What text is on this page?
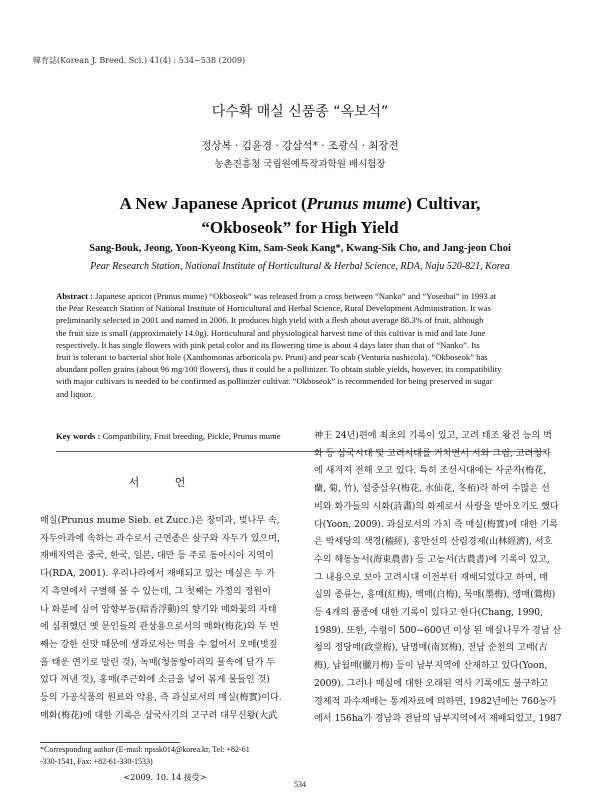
韓育誌(Korean J. Breed. Sci.) 41(4) : 534~538 (2009)
다수확 매실 신품종 “옥보석”
정상복 · 김윤경 · 강삼석* · 조광식 · 최장전
농촌진흥청 국립원예특작과학원 배시험장
A New Japanese Apricot (Prunus mume) Cultivar,
“Okboseok” for High Yield
Sang-Bouk, Jeong, Yoon-Kyeong Kim, Sam-Seok Kang*, Kwang-Sik Cho, and Jang-jeon Choi
Pear Research Station, National Institute of Horticultural & Herbal Science, RDA, Naju 520-821, Korea
Abstract : Japanese apricot (Prunus mume) “Okboseok” was released from a cross between “Nanko” and “Yoseibai” in 1993 at
the Pear Research Station of National Institute of Horticultural and Herbal Science, Rural Development Administration. It was
preliminarily selected in 2001 and named in 2006. It produces high yield with a flesh about average 88.3% of fruit, although
the fruit size is small (approximately 14.0g). Horticultural and physiological harvest time of this cultivar is mid and late June
respectively. It has single flowers with pink petal color and its flowering time is about 4 days later than that of “Nanko”. Its
fruit is tolerant to bacterial shot hole (Xanthomonas arboricola pv. Pruni) and pear scab (Venturia nashicola). “Okboseok” has
abundant pollen grains (about 96 mg/100 flowers), thus it could be a pollinizer. To obtain stable yields, however, its compatibility
with major cultivars is needed to be confirmed as pollinizer cultivar. “Okboseok” is recommended for being preserved in sugar
and liquor.
Key words : Compatibility, Fruit breeding, Pickle, Prunus mume
서 언
매실(Prunus mume Sieb. et Zucc.)은 장미과, 벚나무 속,
자두아과에 속하는 과수로서 근연종은 살구와 자두가 있으며,
재배지역은 중국, 한국, 일본, 대만 등 주로 동아시아 지역이
다(RDA, 2001). 우리나라에서 재배되고 있는 매실은 두 가
지 측면에서 구별해 볼 수 있는데, 그 첫째는 가정의 정원이
나 화분에 심어 암향부동(暗香浮動)의 향기와 매화꽃의 자태
에 심취했던 옛 문인들의 관상용으로서의 매화(梅花)와 두 번
째는 강한 신맛 때문에 생과로서는 먹을 수 없어서 오매(벗짚
을 태운 연기로 말린 것), 녹매(청동항아리의 물속에 담가 두
었다 꺼낸 것), 홍매(주근화에 소금을 넣어 볶게 물들인 것)
등의 가공식품의 원료와 약용, 즉 과실로서의 매실(梅實)이다.
매화(梅花)에 대한 기록은 삼국사기의 고구려 대무신왕(大武
神王 24년)편에 최초의 기록이 있고, 고려 태조 왕건 능의 벽
화 등 삼국시대 및 고려시대를 거치면서 시와 그림, 고려청자
에 새겨져 전해 오고 있다. 특히 조선시대에는 사군자(梅花,
蘭, 菊, 竹), 설중삼우(梅花, 水仙花, 冬栢)라 하여 수많은 선
비와 화가들의 시화(詩畵)의 화제로서 사랑을 받아오기도 했다
다(Yoon, 2009). 과실로서의 가치 즉 매실(梅實)에 대한 기록
은 박세당의 색경(穡經), 홍만선의 산림경제(山林經濟), 서호
수의 해동농서(海東農書) 등 고농서(古農書)에 기록이 있고,
그 내용으로 보아 고려시대 이전부터 재배되었다고 하며, 매
실의 종류는, 홍매(紅梅), 백매(白梅), 묵매(墨梅), 앵매(鶯梅)
등 4개의 품종에 대한 기록이 있다고 한다(Chang, 1990,
1989). 또한, 수령이 500~600년 이상 된 매실나무가 경남 산
청의 정당매(政堂梅), 남명매(南冥梅), 전남 순천의 고매(古
梅), 납월매(臘月梅) 등이 남부지역에 산재하고 있다(Yoon,
2009). 그러나 매실에 대한 오래된 역사 기록에도 불구하고
경제적 과수재배는 통계자료에 의하면, 1982년에는 760농가
에서 156ha가 경남과 전남의 남부지역에서 재배되었고, 1987
*Corresponding author (E-mail: npssk014@korea.kr, Tel: +82-61
-330-1541, Fax: +82-61-330-1533)
<2009. 10. 14 接受>
534
